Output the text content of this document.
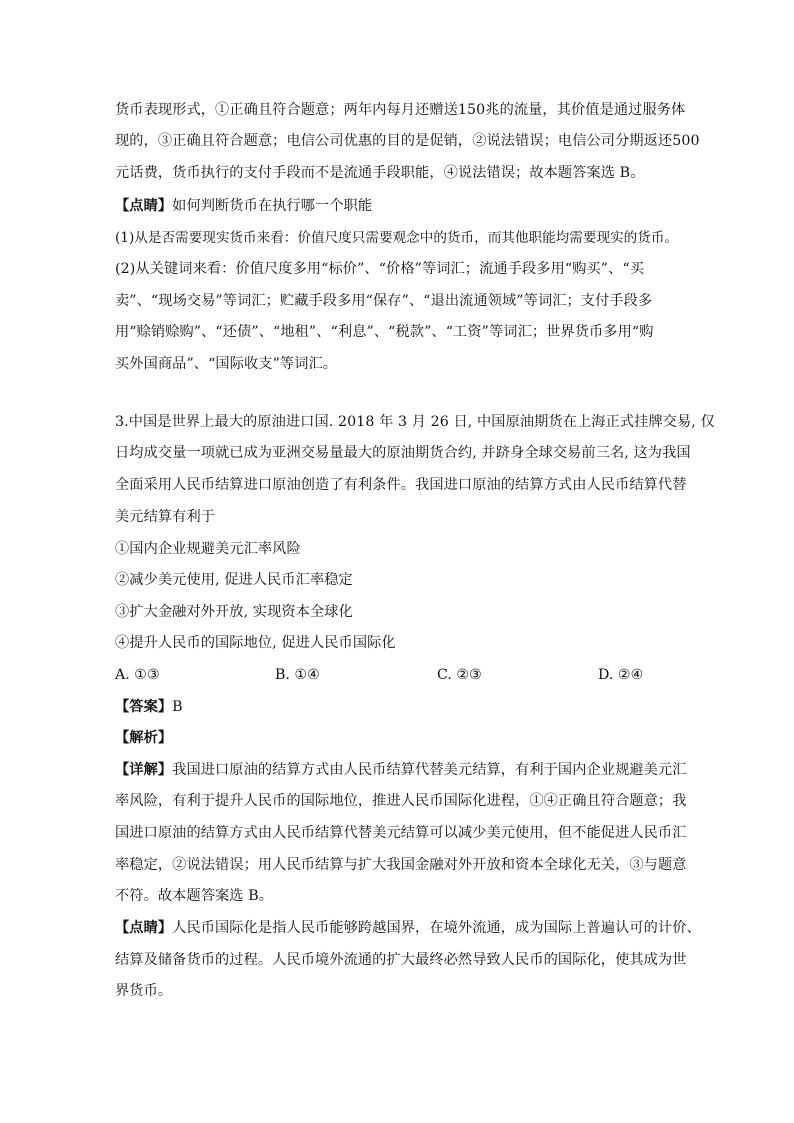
货币表现形式，①正确且符合题意；两年内每月还赠送150兆的流量，其价值是通过服务体
现的，③正确且符合题意；电信公司优惠的目的是促销，②说法错误；电信公司分期返还500
元话费，货币执行的支付手段而不是流通手段职能，④说法错误；故本题答案选 B。
【点睛】如何判断货币在执行哪一个职能
(1)从是否需要现实货币来看：价值尺度只需要观念中的货币，而其他职能均需要现实的货币。
(2)从关键词来看：价值尺度多用“标价”、“价格”等词汇；流通手段多用“购买”、“买
卖”、“现场交易”等词汇；贮藏手段多用“保存”、“退出流通领域”等词汇；支付手段多
用“赊销赊购”、“还债”、“地租”、“利息”、“税款”、“工资”等词汇；世界货币多用“购
买外国商品”、“国际收支”等词汇。
3.中国是世界上最大的原油进口国. 2018 年 3 月 26 日, 中国原油期货在上海正式挂牌交易, 仅
日均成交量一项就已成为亚洲交易量最大的原油期货合约, 并跻身全球交易前三名, 这为我国
全面采用人民币结算进口原油创造了有利条件。我国进口原油的结算方式由人民币结算代替
美元结算有利于
①国内企业规避美元汇率风险
②减少美元使用, 促进人民币汇率稳定
③扩大金融对外开放, 实现资本全球化
④提升人民币的国际地位, 促进人民币国际化
A. ①③	B. ①④	C. ②③	D. ②④
【答案】B
【解析】
【详解】我国进口原油的结算方式由人民币结算代替美元结算，有利于国内企业规避美元汇
率风险，有利于提升人民币的国际地位，推进人民币国际化进程，①④正确且符合题意；我
国进口原油的结算方式由人民币结算代替美元结算可以减少美元使用，但不能促进人民币汇
率稳定，②说法错误；用人民币结算与扩大我国金融对外开放和资本全球化无关，③与题意
不符。故本题答案选 B。
【点睛】人民币国际化是指人民币能够跨越国界，在境外流通，成为国际上普遍认可的计价、
结算及储备货币的过程。人民币境外流通的扩大最终必然导致人民币的国际化，使其成为世
界货币。
